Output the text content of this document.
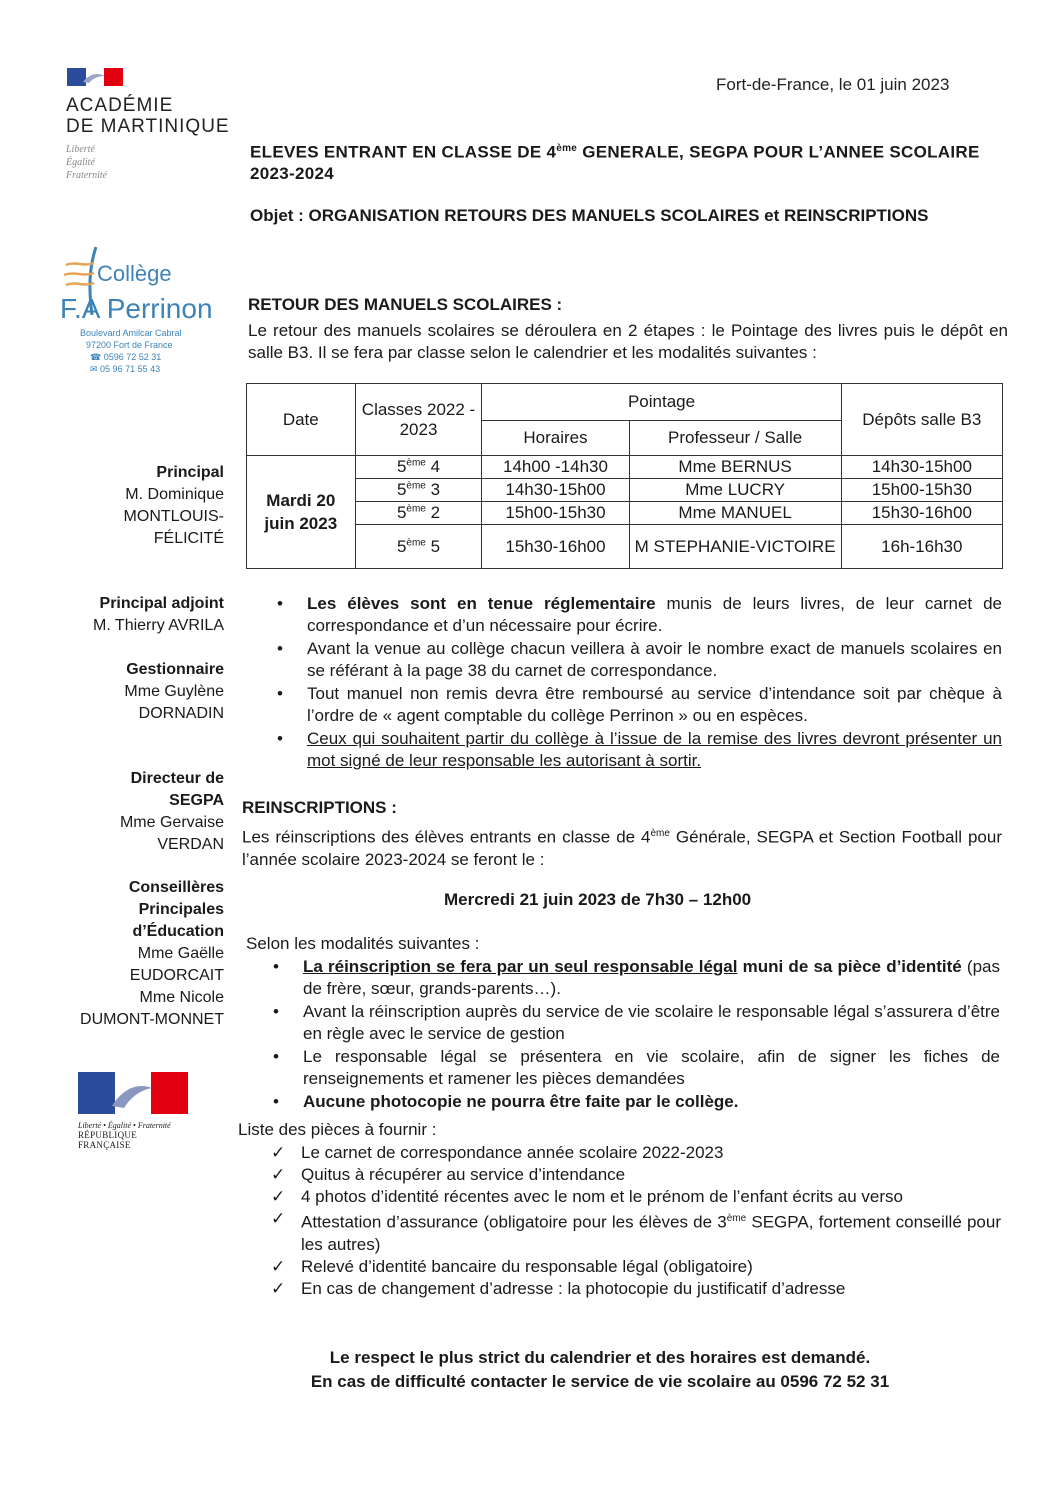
ACADÉMIE
DE MARTINIQUE
Liberté
Égalité
Fraternité
Fort-de-France, le 01 juin 2023
ELEVES ENTRANT EN CLASSE DE 4ème GENERALE, SEGPA POUR L’ANNEE SCOLAIRE 2023-2024
Objet : ORGANISATION RETOURS DES MANUELS SCOLAIRES et REINSCRIPTIONS
Collège
F.A Perrinon
Boulevard Amilcar Cabral
97200 Fort de France
☎ 0596 72 52 31
✉ 05 96 71 55 43
Principal
M. Dominique
MONTLOUIS-
FÉLICITÉ
Principal adjoint
M. Thierry AVRILA
Gestionnaire
Mme Guylène
DORNADIN
Directeur de
SEGPA
Mme Gervaise
VERDAN
Conseillères
Principales
d’Éducation
Mme Gaëlle
EUDORCAIT
Mme Nicole
DUMONT-MONNET
Liberté • Égalité • Fraternité
RÉPUBLIQUE FRANÇAISE
RETOUR DES MANUELS SCOLAIRES :
Le retour des manuels scolaires se déroulera en 2 étapes : le Pointage des livres puis le dépôt en salle B3. Il se fera par classe selon le calendrier et les modalités suivantes :
Date	Classes 2022 - 2023	Pointage		Dépôts salle B3
		Horaires	Professeur / Salle	
Mardi 20 juin 2023	5ème 4	14h00 -14h30	Mme BERNUS	14h30-15h00
	5ème 3	14h30-15h00	Mme LUCRY	15h00-15h30
	5ème 2	15h00-15h30	Mme MANUEL	15h30-16h00
	5ème 5	15h30-16h00	M STEPHANIE-VICTOIRE	16h-16h30
• Les élèves sont en tenue réglementaire munis de leurs livres, de leur carnet de correspondance et d’un nécessaire pour écrire.
• Avant la venue au collège chacun veillera à avoir le nombre exact de manuels scolaires en se référant à la page 38 du carnet de correspondance.
• Tout manuel non remis devra être remboursé au service d’intendance soit par chèque à l’ordre de « agent comptable du collège Perrinon » ou en espèces.
• Ceux qui souhaitent partir du collège à l’issue de la remise des livres devront présenter un mot signé de leur responsable les autorisant à sortir.
REINSCRIPTIONS :
Les réinscriptions des élèves entrants en classe de 4ème Générale, SEGPA et Section Football pour l’année scolaire 2023-2024 se feront le :
Mercredi 21 juin 2023 de 7h30 – 12h00
Selon les modalités suivantes :
• La réinscription se fera par un seul responsable légal muni de sa pièce d’identité (pas de frère, sœur, grands-parents…).
• Avant la réinscription auprès du service de vie scolaire le responsable légal s’assurera d’être en règle avec le service de gestion
• Le responsable légal se présentera en vie scolaire, afin de signer les fiches de renseignements et ramener les pièces demandées
• Aucune photocopie ne pourra être faite par le collège.
Liste des pièces à fournir :
✓ Le carnet de correspondance année scolaire 2022-2023
✓ Quitus à récupérer au service d’intendance
✓ 4 photos d’identité récentes avec le nom et le prénom de l’enfant écrits au verso
✓ Attestation d’assurance (obligatoire pour les élèves de 3ème SEGPA, fortement conseillé pour les autres)
✓ Relevé d’identité bancaire du responsable légal (obligatoire)
✓ En cas de changement d’adresse : la photocopie du justificatif d’adresse
Le respect le plus strict du calendrier et des horaires est demandé.
En cas de difficulté contacter le service de vie scolaire au 0596 72 52 31
